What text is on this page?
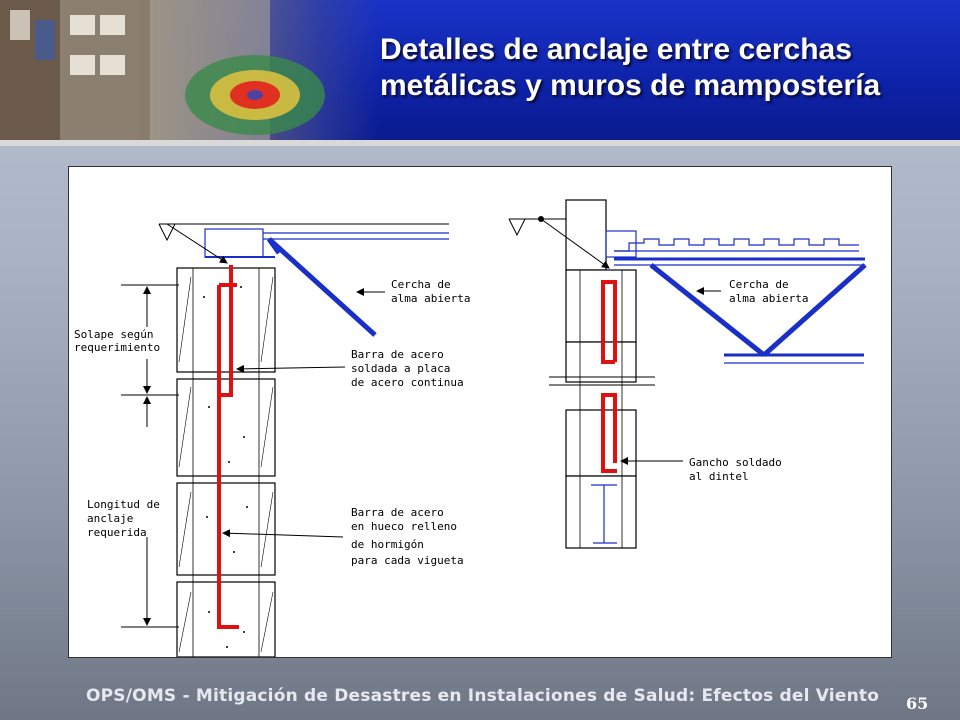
Detalles de anclaje entre cerchas
metálicas y muros de mampostería
Solape según
requerimiento
Longitud de
anclaje
requerida
Cercha de
alma abierta
Barra de acero
soldada a placa
de acero continua
Barra de acero
en hueco relleno
de hormigón
para cada vigueta
Cercha de
alma abierta
Gancho soldado
al dintel
OPS/OMS - Mitigación de Desastres en Instalaciones de Salud: Efectos del Viento 65
